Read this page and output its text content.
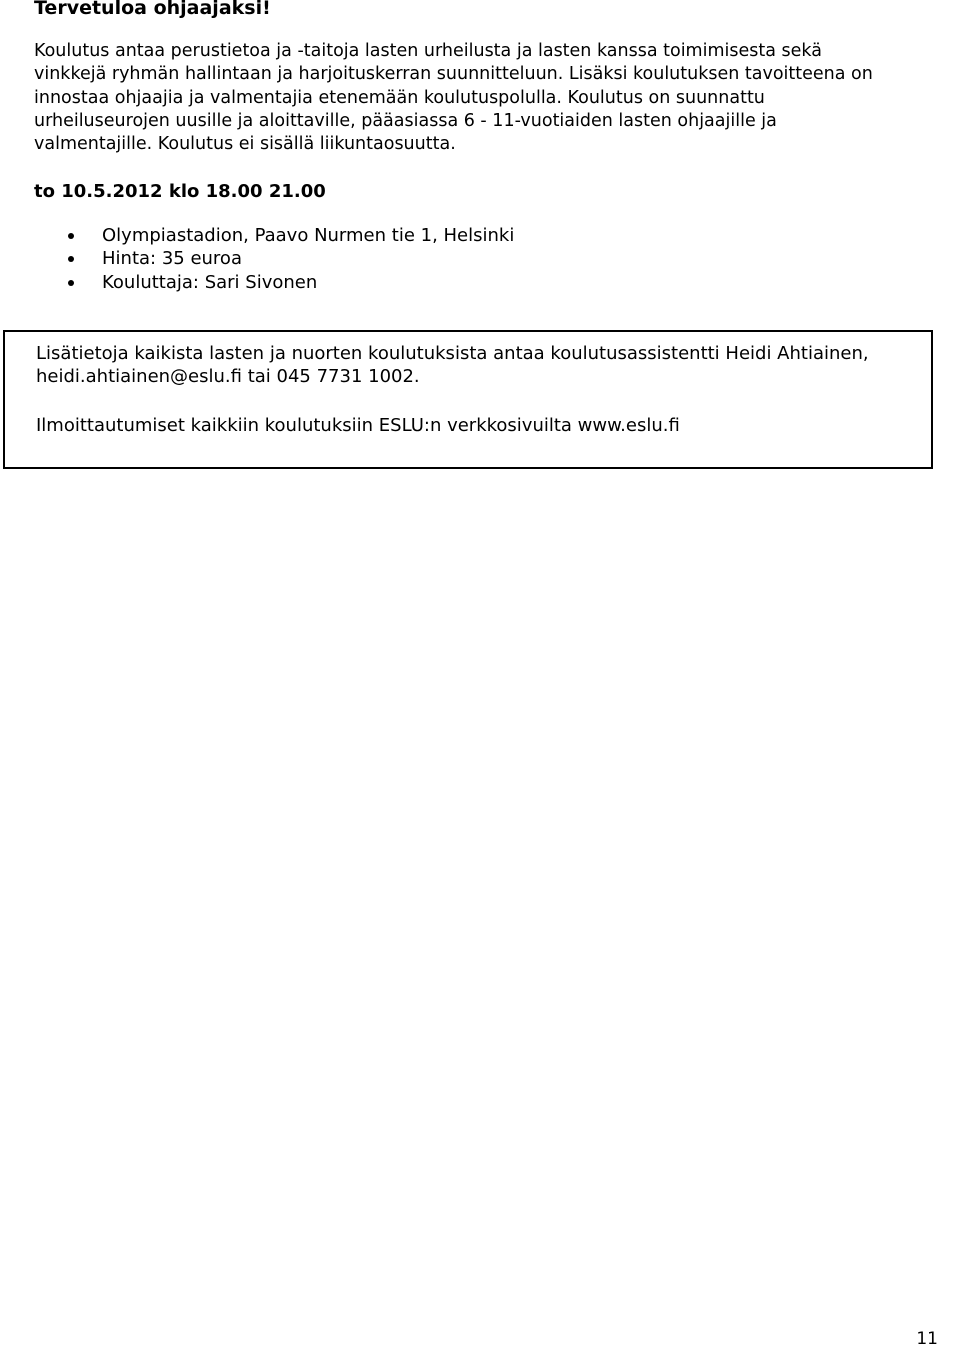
Tervetuloa ohjaajaksi!

Koulutus antaa perustietoa ja -taitoja lasten urheilusta ja lasten kanssa toimimisesta sekä
vinkkejä ryhmän hallintaan ja harjoituskerran suunnitteluun. Lisäksi koulutuksen tavoitteena on
innostaa ohjaajia ja valmentajia etenemään koulutuspolulla. Koulutus on suunnattu
urheiluseurojen uusille ja aloittaville, pääasiassa 6 - 11-vuotiaiden lasten ohjaajille ja
valmentajille. Koulutus ei sisällä liikuntaosuutta.

to 10.5.2012 klo 18.00 21.00
Olympiastadion, Paavo Nurmen tie 1, Helsinki
Hinta: 35 euroa
Kouluttaja: Sari Sivonen

Lisätietoja kaikista lasten ja nuorten koulutuksista antaa koulutusassistentti Heidi Ahtiainen,
heidi.ahtiainen@eslu.fi tai 045 7731 1002.

Ilmoittautumiset kaikkiin koulutuksiin ESLU:n verkkosivuilta www.eslu.fi

11
